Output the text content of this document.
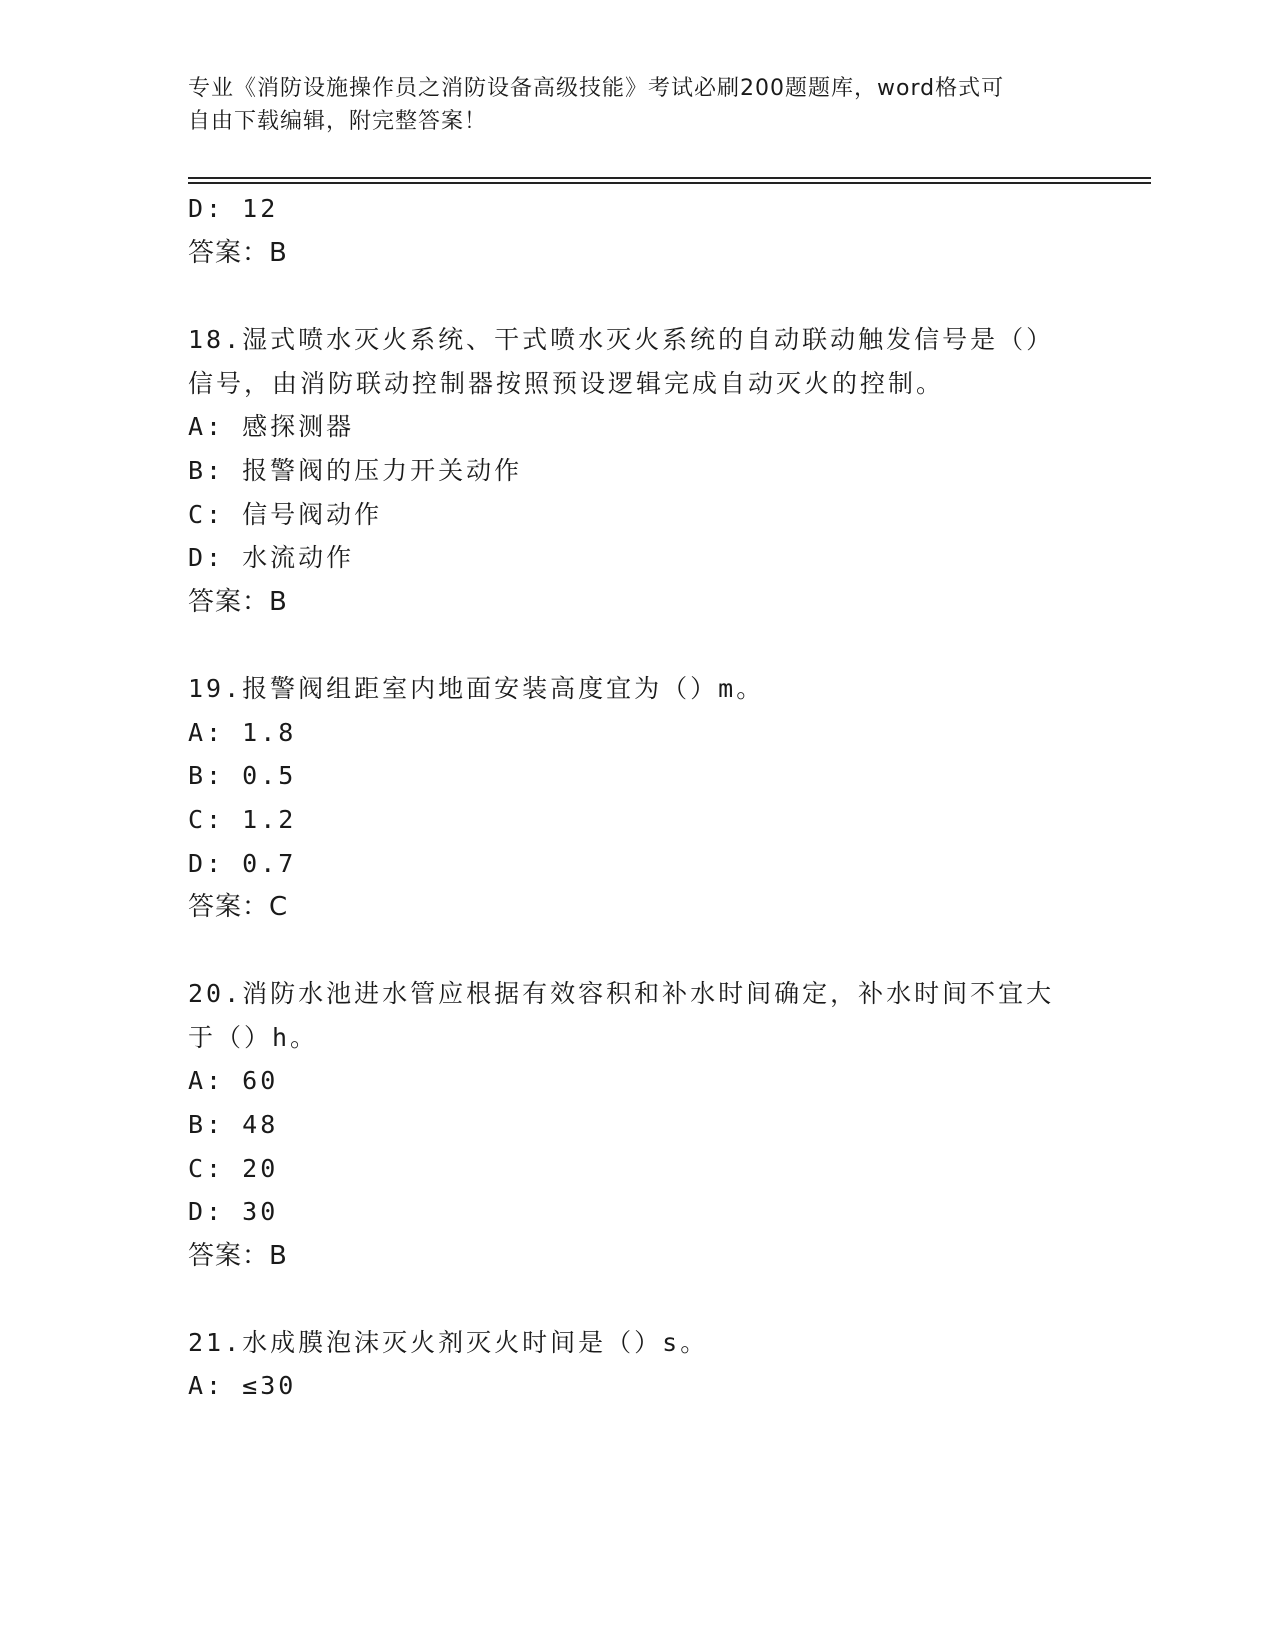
专业《消防设施操作员之消防设备高级技能》考试必刷200题题库，word格式可
自由下载编辑，附完整答案！
D: 12
答案：B
18.湿式喷水灭火系统、干式喷水灭火系统的自动联动触发信号是（）
信号，由消防联动控制器按照预设逻辑完成自动灭火的控制。
A: 感探测器
B: 报警阀的压力开关动作
C: 信号阀动作
D: 水流动作
答案：B
19.报警阀组距室内地面安装高度宜为（）m。
A: 1.8
B: 0.5
C: 1.2
D: 0.7
答案：C
20.消防水池进水管应根据有效容积和补水时间确定，补水时间不宜大
于（）h。
A: 60
B: 48
C: 20
D: 30
答案：B
21.水成膜泡沫灭火剂灭火时间是（）s。
A: ≤30
